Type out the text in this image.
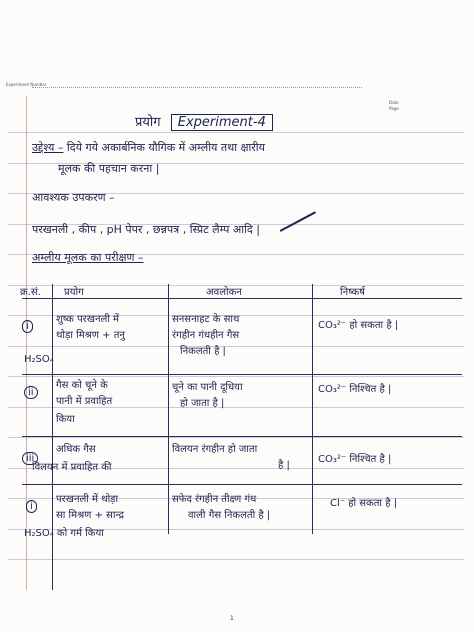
Experiment Number
Date
Page
प्रयोग Experiment-4
उद्देश्य – दिये गये अकार्बनिक यौगिक में अम्लीय तथा क्षारीय
मूलक की पहचान करना |
आवश्यक उपकरण –
परखनली , कीप , pH पेपर , छन्नपत्र , स्प्रिट लैम्प आदि |
अम्लीय मूलक का परीक्षण –
क्र.सं. प्रयोग	अवलोकन	निष्कर्ष
i
शुष्क परखनली में
थोड़ा मिश्रण + तनु
H₂SO₄
सनसनाहट के साथ
रंगहीन गंधहीन गैस
निकलती है |
CO₃²⁻ हो सकता है |
ii
गैस को चूने के
पानी में प्रवाहित
किया
चूने का पानी दूधिया
हो जाता है |
CO₃²⁻ निश्चित है |
iii
अधिक गैस
विलयन में प्रवाहित की
विलयन रंगहीन हो जाता
है |
CO₃²⁻ निश्चित है |
i
परखनली में थोड़ा
सा मिश्रण + सान्द्र
H₂SO₄ को गर्म किया
सफेद रंगहीन तीक्ष्ण गंध
वाली गैस निकलती है |
Cl⁻ हो सकता है |
1
